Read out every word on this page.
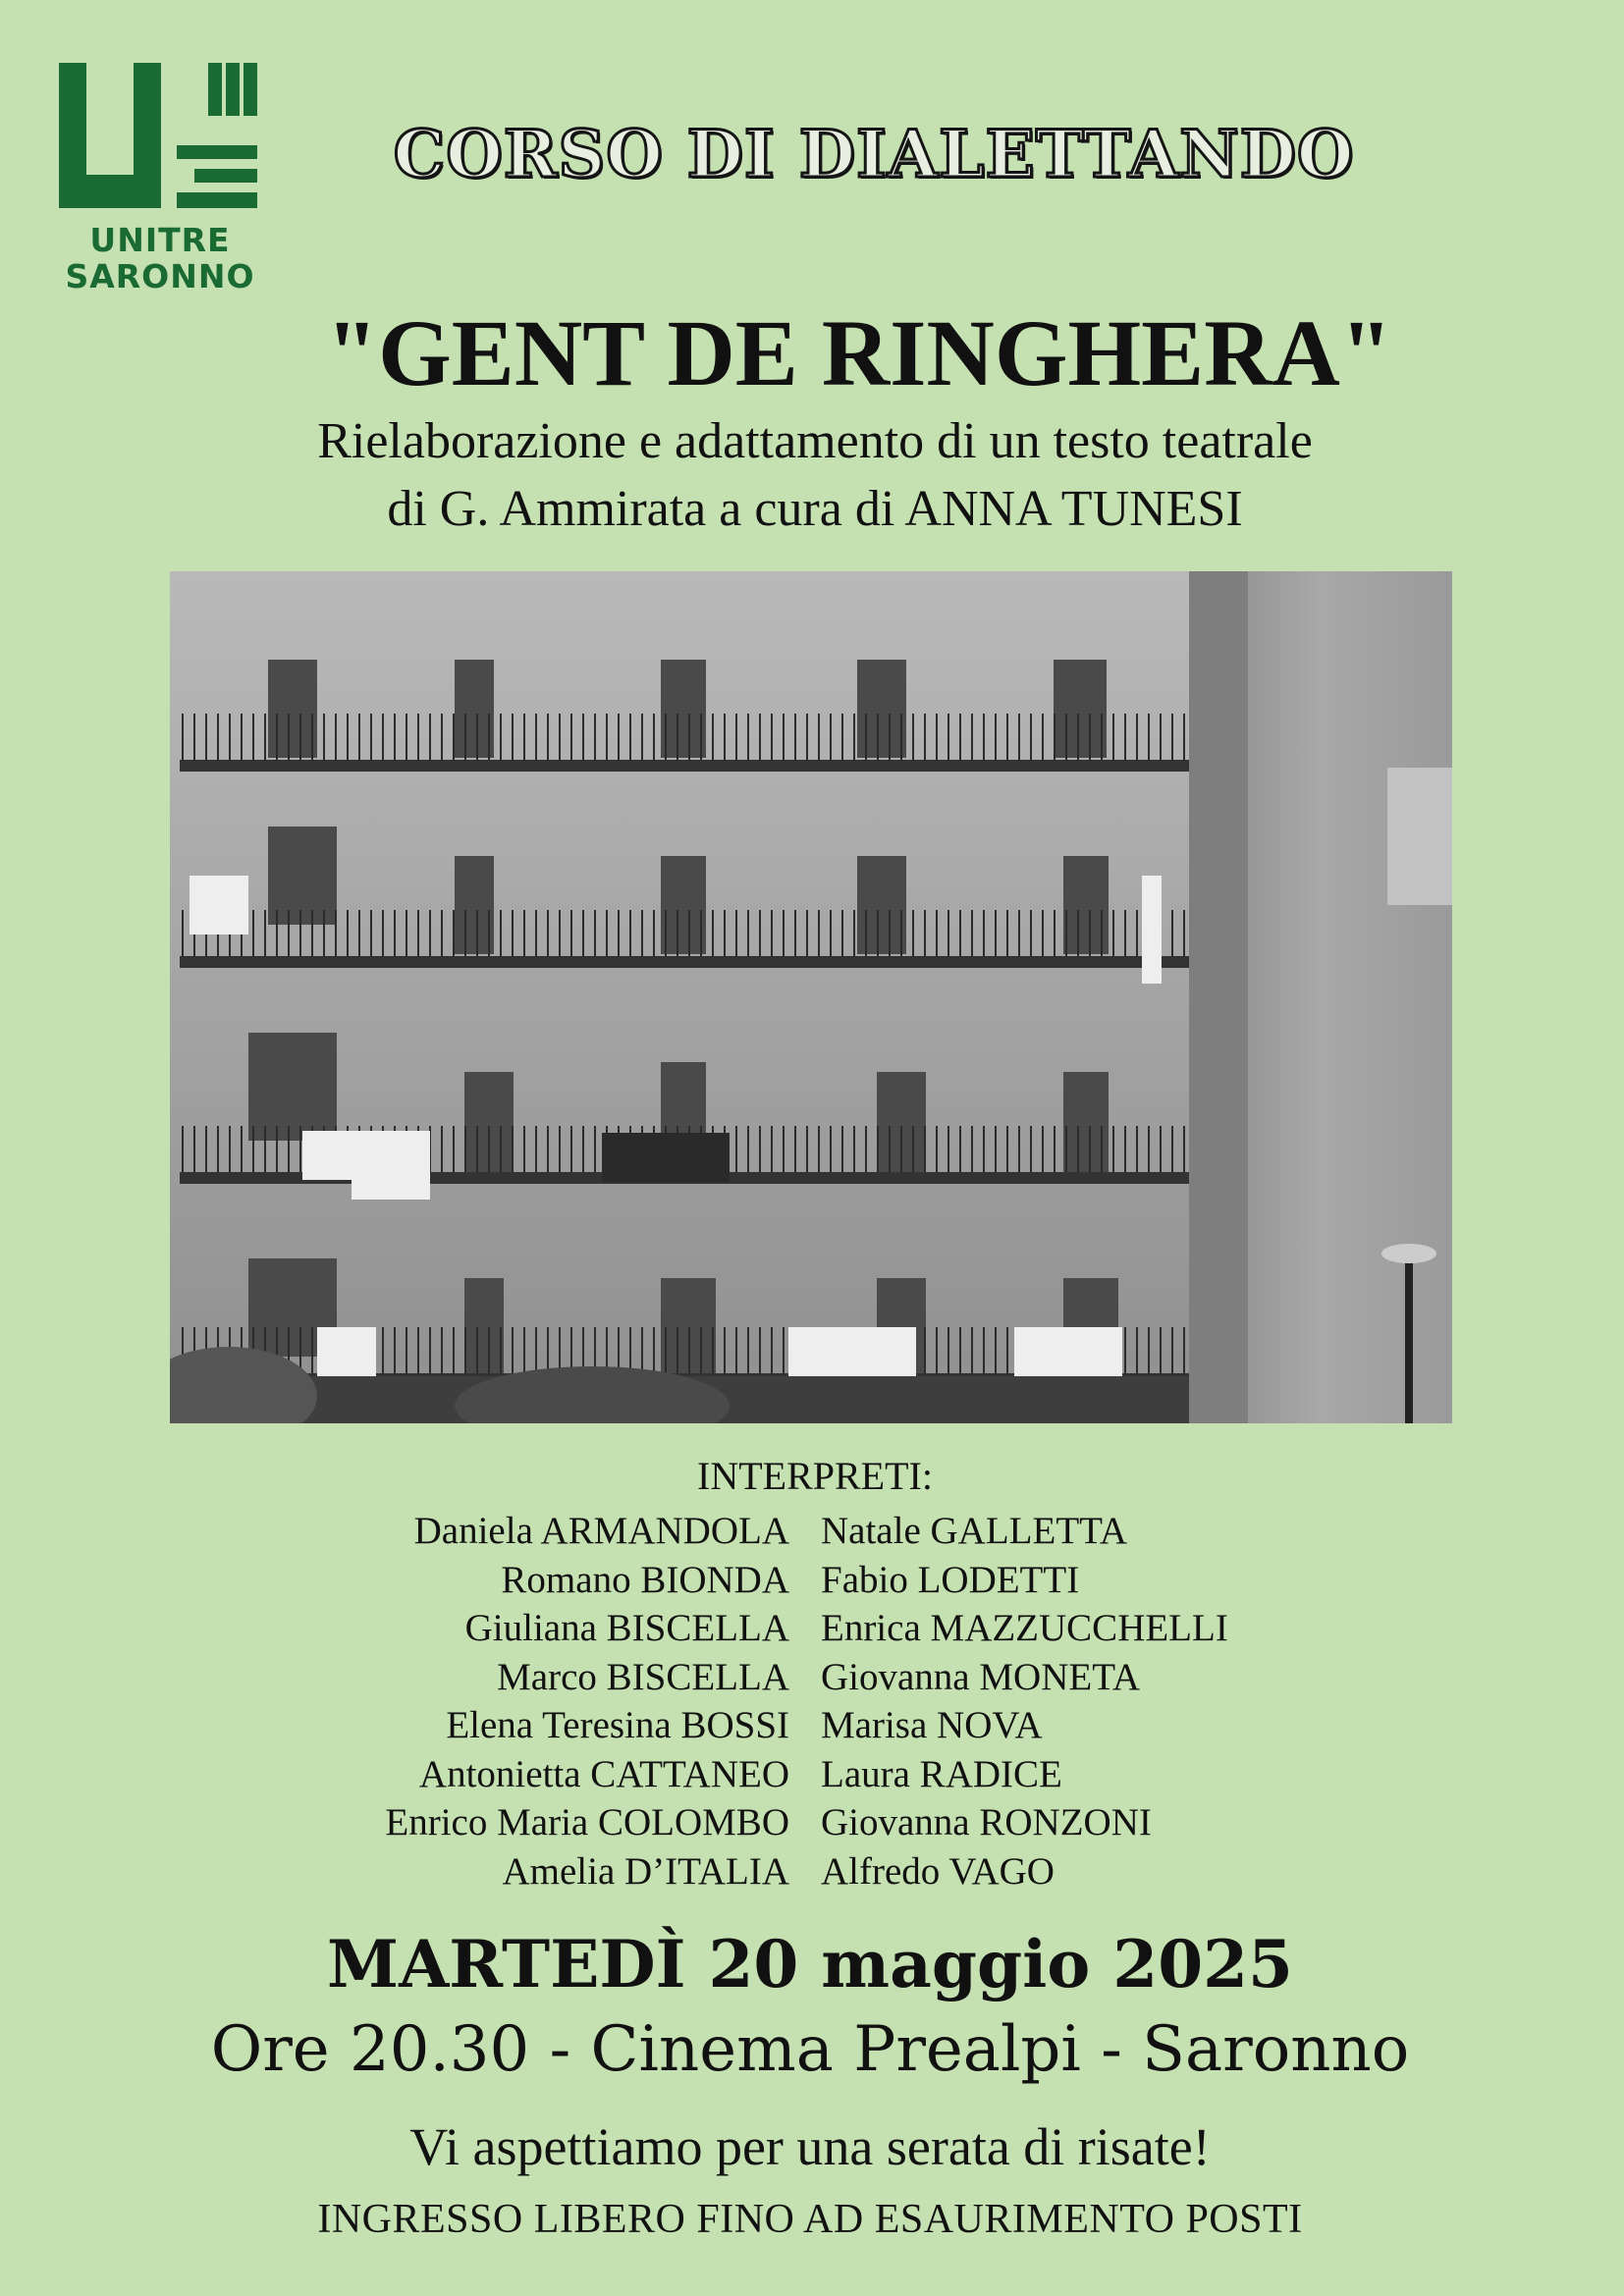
UNITRE
SARONNO
CORSO DI DIALETTANDO
"GENT DE RINGHERA"
Rielaborazione e adattamento di un testo teatrale
di G. Ammirata a cura di ANNA TUNESI
INTERPRETI:
Daniela ARMANDOLA
Romano BIONDA
Giuliana BISCELLA
Marco BISCELLA
Elena Teresina BOSSI
Antonietta CATTANEO
Enrico Maria COLOMBO
Amelia D’ITALIA
Natale GALLETTA
Fabio LODETTI
Enrica MAZZUCCHELLI
Giovanna MONETA
Marisa NOVA
Laura RADICE
Giovanna RONZONI
Alfredo VAGO
MARTEDÌ 20 maggio 2025
Ore 20.30 - Cinema Prealpi - Saronno
Vi aspettiamo per una serata di risate!
INGRESSO LIBERO FINO AD ESAURIMENTO POSTI
